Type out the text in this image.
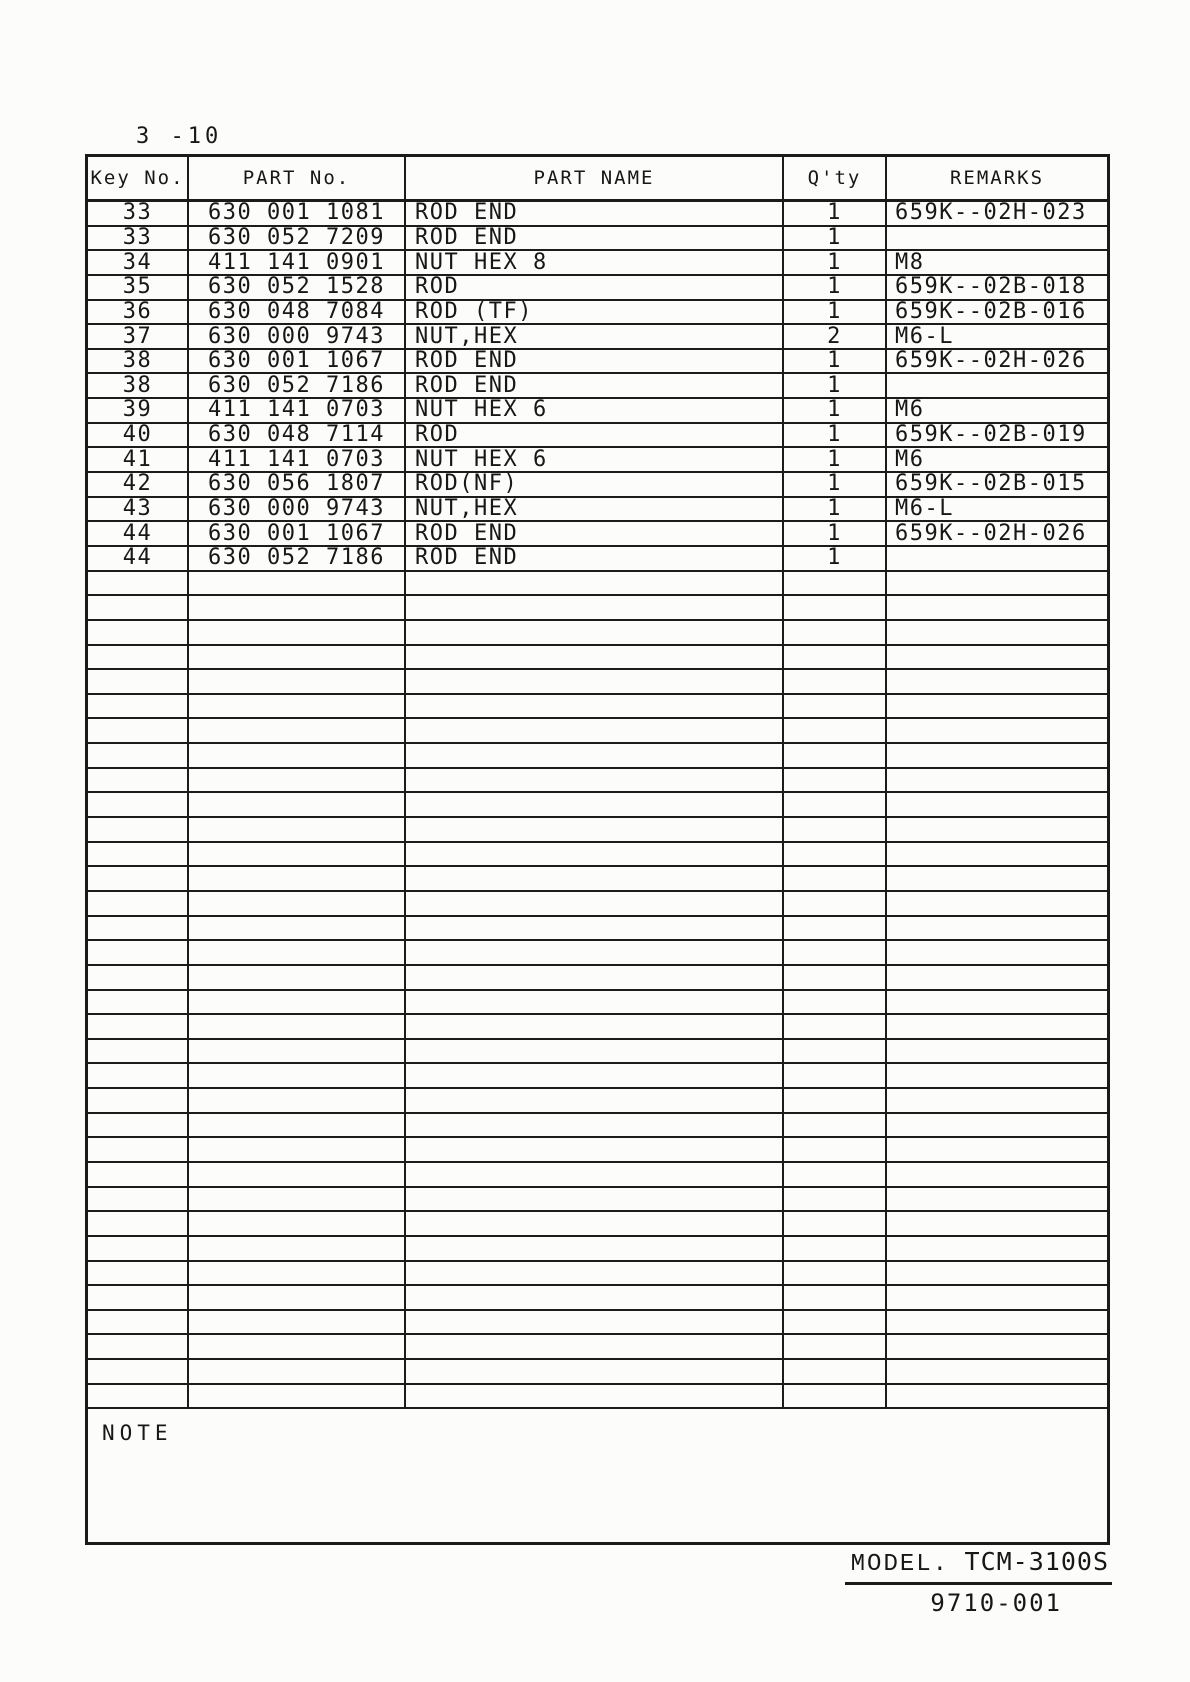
3 -10
Key No.	PART No.	PART NAME	Q'ty	REMARKS
33	630 001 1081	ROD END	1	659K--02H-023
33	630 052 7209	ROD END	1
34	411 141 0901	NUT HEX 8	1	M8
35	630 052 1528	ROD	1	659K--02B-018
36	630 048 7084	ROD (TF)	1	659K--02B-016
37	630 000 9743	NUT,HEX	2	M6-L
38	630 001 1067	ROD END	1	659K--02H-026
38	630 052 7186	ROD END	1
39	411 141 0703	NUT HEX 6	1	M6
40	630 048 7114	ROD	1	659K--02B-019
41	411 141 0703	NUT HEX 6	1	M6
42	630 056 1807	ROD(NF)	1	659K--02B-015
43	630 000 9743	NUT,HEX	1	M6-L
44	630 001 1067	ROD END	1	659K--02H-026
44	630 052 7186	ROD END	1
NOTE
MODEL. TCM-3100S
9710-001
